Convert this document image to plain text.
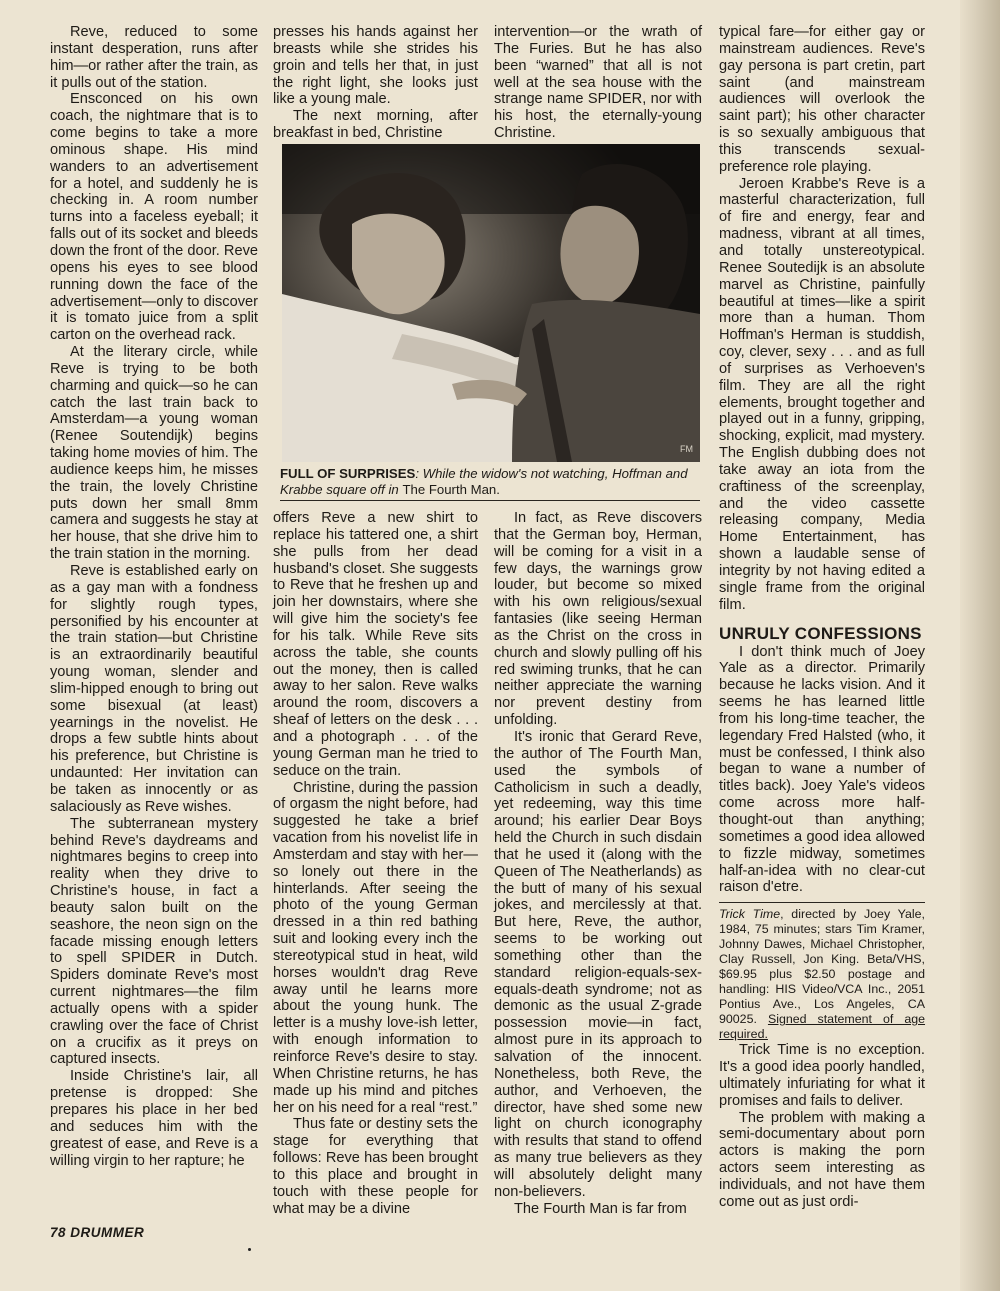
Reve, reduced to some instant desperation, runs after him—or rather after the train, as it pulls out of the station.

Ensconced on his own coach, the nightmare that is to come begins to take a more ominous shape. His mind wanders to an advertisement for a hotel, and suddenly he is checking in. A room number turns into a faceless eyeball; it falls out of its socket and bleeds down the front of the door. Reve opens his eyes to see blood running down the face of the advertisement—only to discover it is tomato juice from a split carton on the overhead rack.

At the literary circle, while Reve is trying to be both charming and quick—so he can catch the last train back to Amsterdam—a young woman (Renee Soutendijk) begins taking home movies of him. The audience keeps him, he misses the train, the lovely Christine puts down her small 8mm camera and suggests he stay at her house, that she drive him to the train station in the morning.

Reve is established early on as a gay man with a fondness for slightly rough types, personified by his encounter at the train station—but Christine is an extraordinarily beautiful young woman, slender and slim-hipped enough to bring out some bisexual (at least) yearnings in the novelist. He drops a few subtle hints about his preference, but Christine is undaunted: Her invitation can be taken as innocently or as salaciously as Reve wishes.

The subterranean mystery behind Reve's daydreams and nightmares begins to creep into reality when they drive to Christine's house, in fact a beauty salon built on the seashore, the neon sign on the facade missing enough letters to spell SPIDER in Dutch. Spiders dominate Reve's most current nightmares—the film actually opens with a spider crawling over the face of Christ on a crucifix as it preys on captured insects.

Inside Christine's lair, all pretense is dropped: She prepares his place in her bed and seduces him with the greatest of ease, and Reve is a willing virgin to her rapture; he

presses his hands against her breasts while she strides his groin and tells her that, in just the right light, she looks just like a young male.

The next morning, after breakfast in bed, Christine

intervention—or the wrath of The Furies. But he has also been “warned” that all is not well at the sea house with the strange name SPIDER, nor with his host, the eternally-young Christine.

FM
FULL OF SURPRISES: While the widow's not watching, Hoffman and Krabbe square off in The Fourth Man.

offers Reve a new shirt to replace his tattered one, a shirt she pulls from her dead husband's closet. She suggests to Reve that he freshen up and join her downstairs, where she will give him the society's fee for his talk. While Reve sits across the table, she counts out the money, then is called away to her salon. Reve walks around the room, discovers a sheaf of letters on the desk . . . and a photograph . . . of the young German man he tried to seduce on the train.

Christine, during the passion of orgasm the night before, had suggested he take a brief vacation from his novelist life in Amsterdam and stay with her—so lonely out there in the hinterlands. After seeing the photo of the young German dressed in a thin red bathing suit and looking every inch the stereotypical stud in heat, wild horses wouldn't drag Reve away until he learns more about the young hunk. The letter is a mushy love-ish letter, with enough information to reinforce Reve's desire to stay. When Christine returns, he has made up his mind and pitches her on his need for a real “rest.”

Thus fate or destiny sets the stage for everything that follows: Reve has been brought to this place and brought in touch with these people for what may be a divine

In fact, as Reve discovers that the German boy, Herman, will be coming for a visit in a few days, the warnings grow louder, but become so mixed with his own religious/sexual fantasies (like seeing Herman as the Christ on the cross in church and slowly pulling off his red swiming trunks, that he can neither appreciate the warning nor prevent destiny from unfolding.

It's ironic that Gerard Reve, the author of The Fourth Man, used the symbols of Catholicism in such a deadly, yet redeeming, way this time around; his earlier Dear Boys held the Church in such disdain that he used it (along with the Queen of The Neatherlands) as the butt of many of his sexual jokes, and mercilessly at that. But here, Reve, the author, seems to be working out something other than the standard religion-equals-sex-equals-death syndrome; not as demonic as the usual Z-grade possession movie—in fact, almost pure in its approach to salvation of the innocent. Nonetheless, both Reve, the author, and Verhoeven, the director, have shed some new light on church iconography with results that stand to offend as many true believers as they will absolutely delight many non-believers.

The Fourth Man is far from

typical fare—for either gay or mainstream audiences. Reve's gay persona is part cretin, part saint (and mainstream audiences will overlook the saint part); his other character is so sexually ambiguous that this transcends sexual-preference role playing.

Jeroen Krabbe's Reve is a masterful characterization, full of fire and energy, fear and madness, vibrant at all times, and totally unstereotypical. Renee Soutedijk is an absolute marvel as Christine, painfully beautiful at times—like a spirit more than a human. Thom Hoffman's Herman is studdish, coy, clever, sexy . . . and as full of surprises as Verhoeven's film. They are all the right elements, brought together and played out in a funny, gripping, shocking, explicit, mad mystery. The English dubbing does not take away an iota from the craftiness of the screenplay, and the video cassette releasing company, Media Home Entertainment, has shown a laudable sense of integrity by not having edited a single frame from the original film.

UNRULY CONFESSIONS

I don't think much of Joey Yale as a director. Primarily because he lacks vision. And it seems he has learned little from his long-time teacher, the legendary Fred Halsted (who, it must be confessed, I think also began to wane a number of titles back). Joey Yale's videos come across more half-thought-out than anything; sometimes a good idea allowed to fizzle midway, sometimes half-an-idea with no clear-cut raison d'etre.

Trick Time, directed by Joey Yale, 1984, 75 minutes; stars Tim Kramer, Johnny Dawes, Michael Christopher, Clay Russell, Jon King. Beta/VHS, $69.95 plus $2.50 postage and handling: HIS Video/VCA Inc., 2051 Pontius Ave., Los Angeles, CA 90025. Signed statement of age required.

Trick Time is no exception. It's a good idea poorly handled, ultimately infuriating for what it promises and fails to deliver.

The problem with making a semi-documentary about porn actors is making the porn actors seem interesting as individuals, and not have them come out as just ordi-

78 DRUMMER
